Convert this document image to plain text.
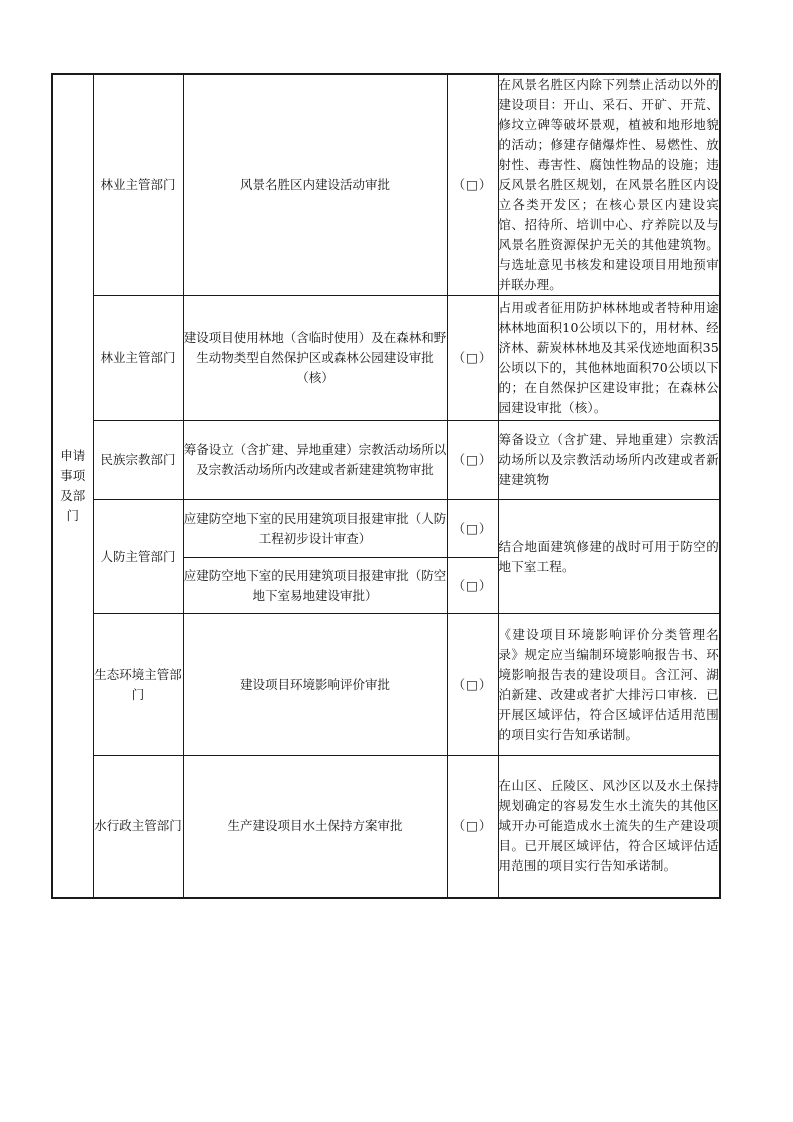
申请事项及部门	林业主管部门	风景名胜区内建设活动审批	（□）	在风景名胜区内除下列禁止活动以外的建设项目：开山、采石、开矿、开荒、修坟立碑等破坏景观，植被和地形地貌的活动；修建存储爆炸性、易燃性、放射性、毒害性、腐蚀性物品的设施；违反风景名胜区规划，在风景名胜区内设立各类开发区；在核心景区内建设宾馆、招待所、培训中心、疗养院以及与风景名胜资源保护无关的其他建筑物。与选址意见书核发和建设项目用地预审并联办理。
	林业主管部门	建设项目使用林地（含临时使用）及在森林和野生动物类型自然保护区或森林公园建设审批（核）	（□）	占用或者征用防护林林地或者特种用途林林地面积10公顷以下的，用材林、经济林、薪炭林林地及其采伐迹地面积35公顷以下的，其他林地面积70公顷以下的；在自然保护区建设审批；在森林公园建设审批（核）。
	民族宗教部门	筹备设立（含扩建、异地重建）宗教活动场所以及宗教活动场所内改建或者新建建筑物审批	（□）	筹备设立（含扩建、异地重建）宗教活动场所以及宗教活动场所内改建或者新建建筑物
	人防主管部门	应建防空地下室的民用建筑项目报建审批（人防工程初步设计审查）	（□）	结合地面建筑修建的战时可用于防空的地下室工程。
		应建防空地下室的民用建筑项目报建审批（防空地下室易地建设审批）	（□）	
	生态环境主管部门	建设项目环境影响评价审批	（□）	《建设项目环境影响评价分类管理名录》规定应当编制环境影响报告书、环境影响报告表的建设项目。含江河、湖泊新建、改建或者扩大排污口审核．已开展区域评估，符合区域评估适用范围的项目实行告知承诺制。
	水行政主管部门	生产建设项目水土保持方案审批	（□）	在山区、丘陵区、风沙区以及水土保持规划确定的容易发生水土流失的其他区域开办可能造成水土流失的生产建设项目。已开展区域评估，符合区域评估适用范围的项目实行告知承诺制。
